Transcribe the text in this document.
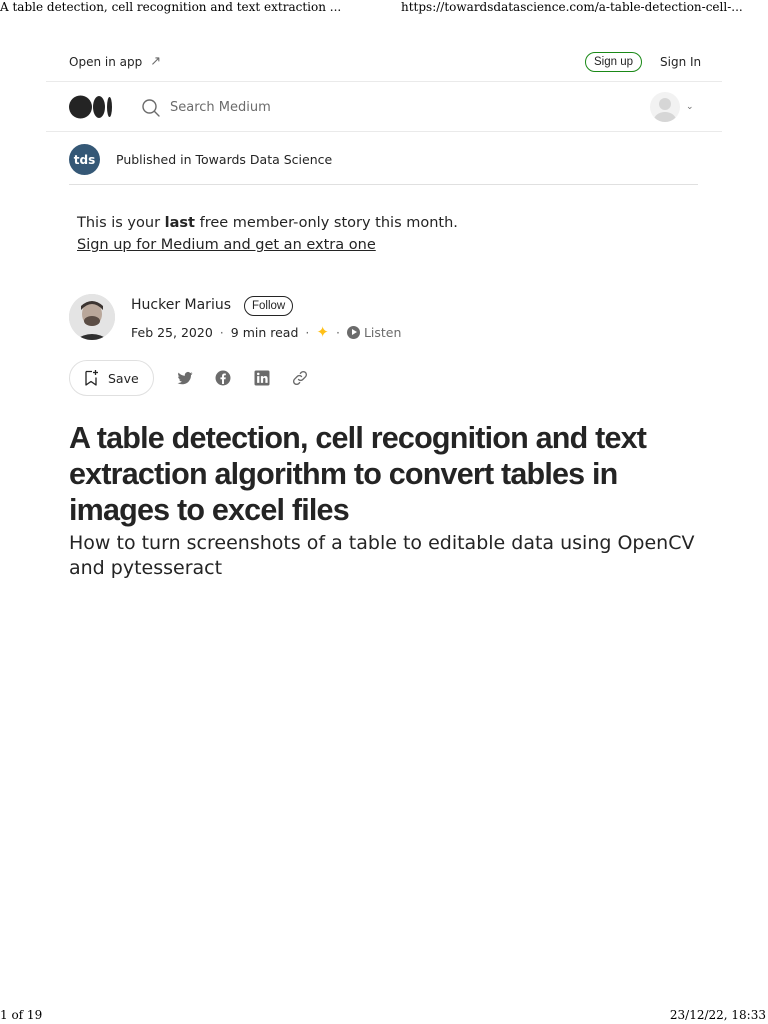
A table detection, cell recognition and text extraction ...	https://towardsdatascience.com/a-table-detection-cell-...
Open in app ↗	Sign up	Sign In
Search Medium
⌄
tds	Published in Towards Data Science
This is your last free member-only story this month.
Sign up for Medium and get an extra one
Hucker Marius	Follow
Feb 25, 2020 · 9 min read · ✦ · Listen
Save
A table detection, cell recognition and text extraction algorithm to convert tables in images to excel files
How to turn screenshots of a table to editable data using OpenCV and pytesseract
1 of 19	23/12/22, 18:33
